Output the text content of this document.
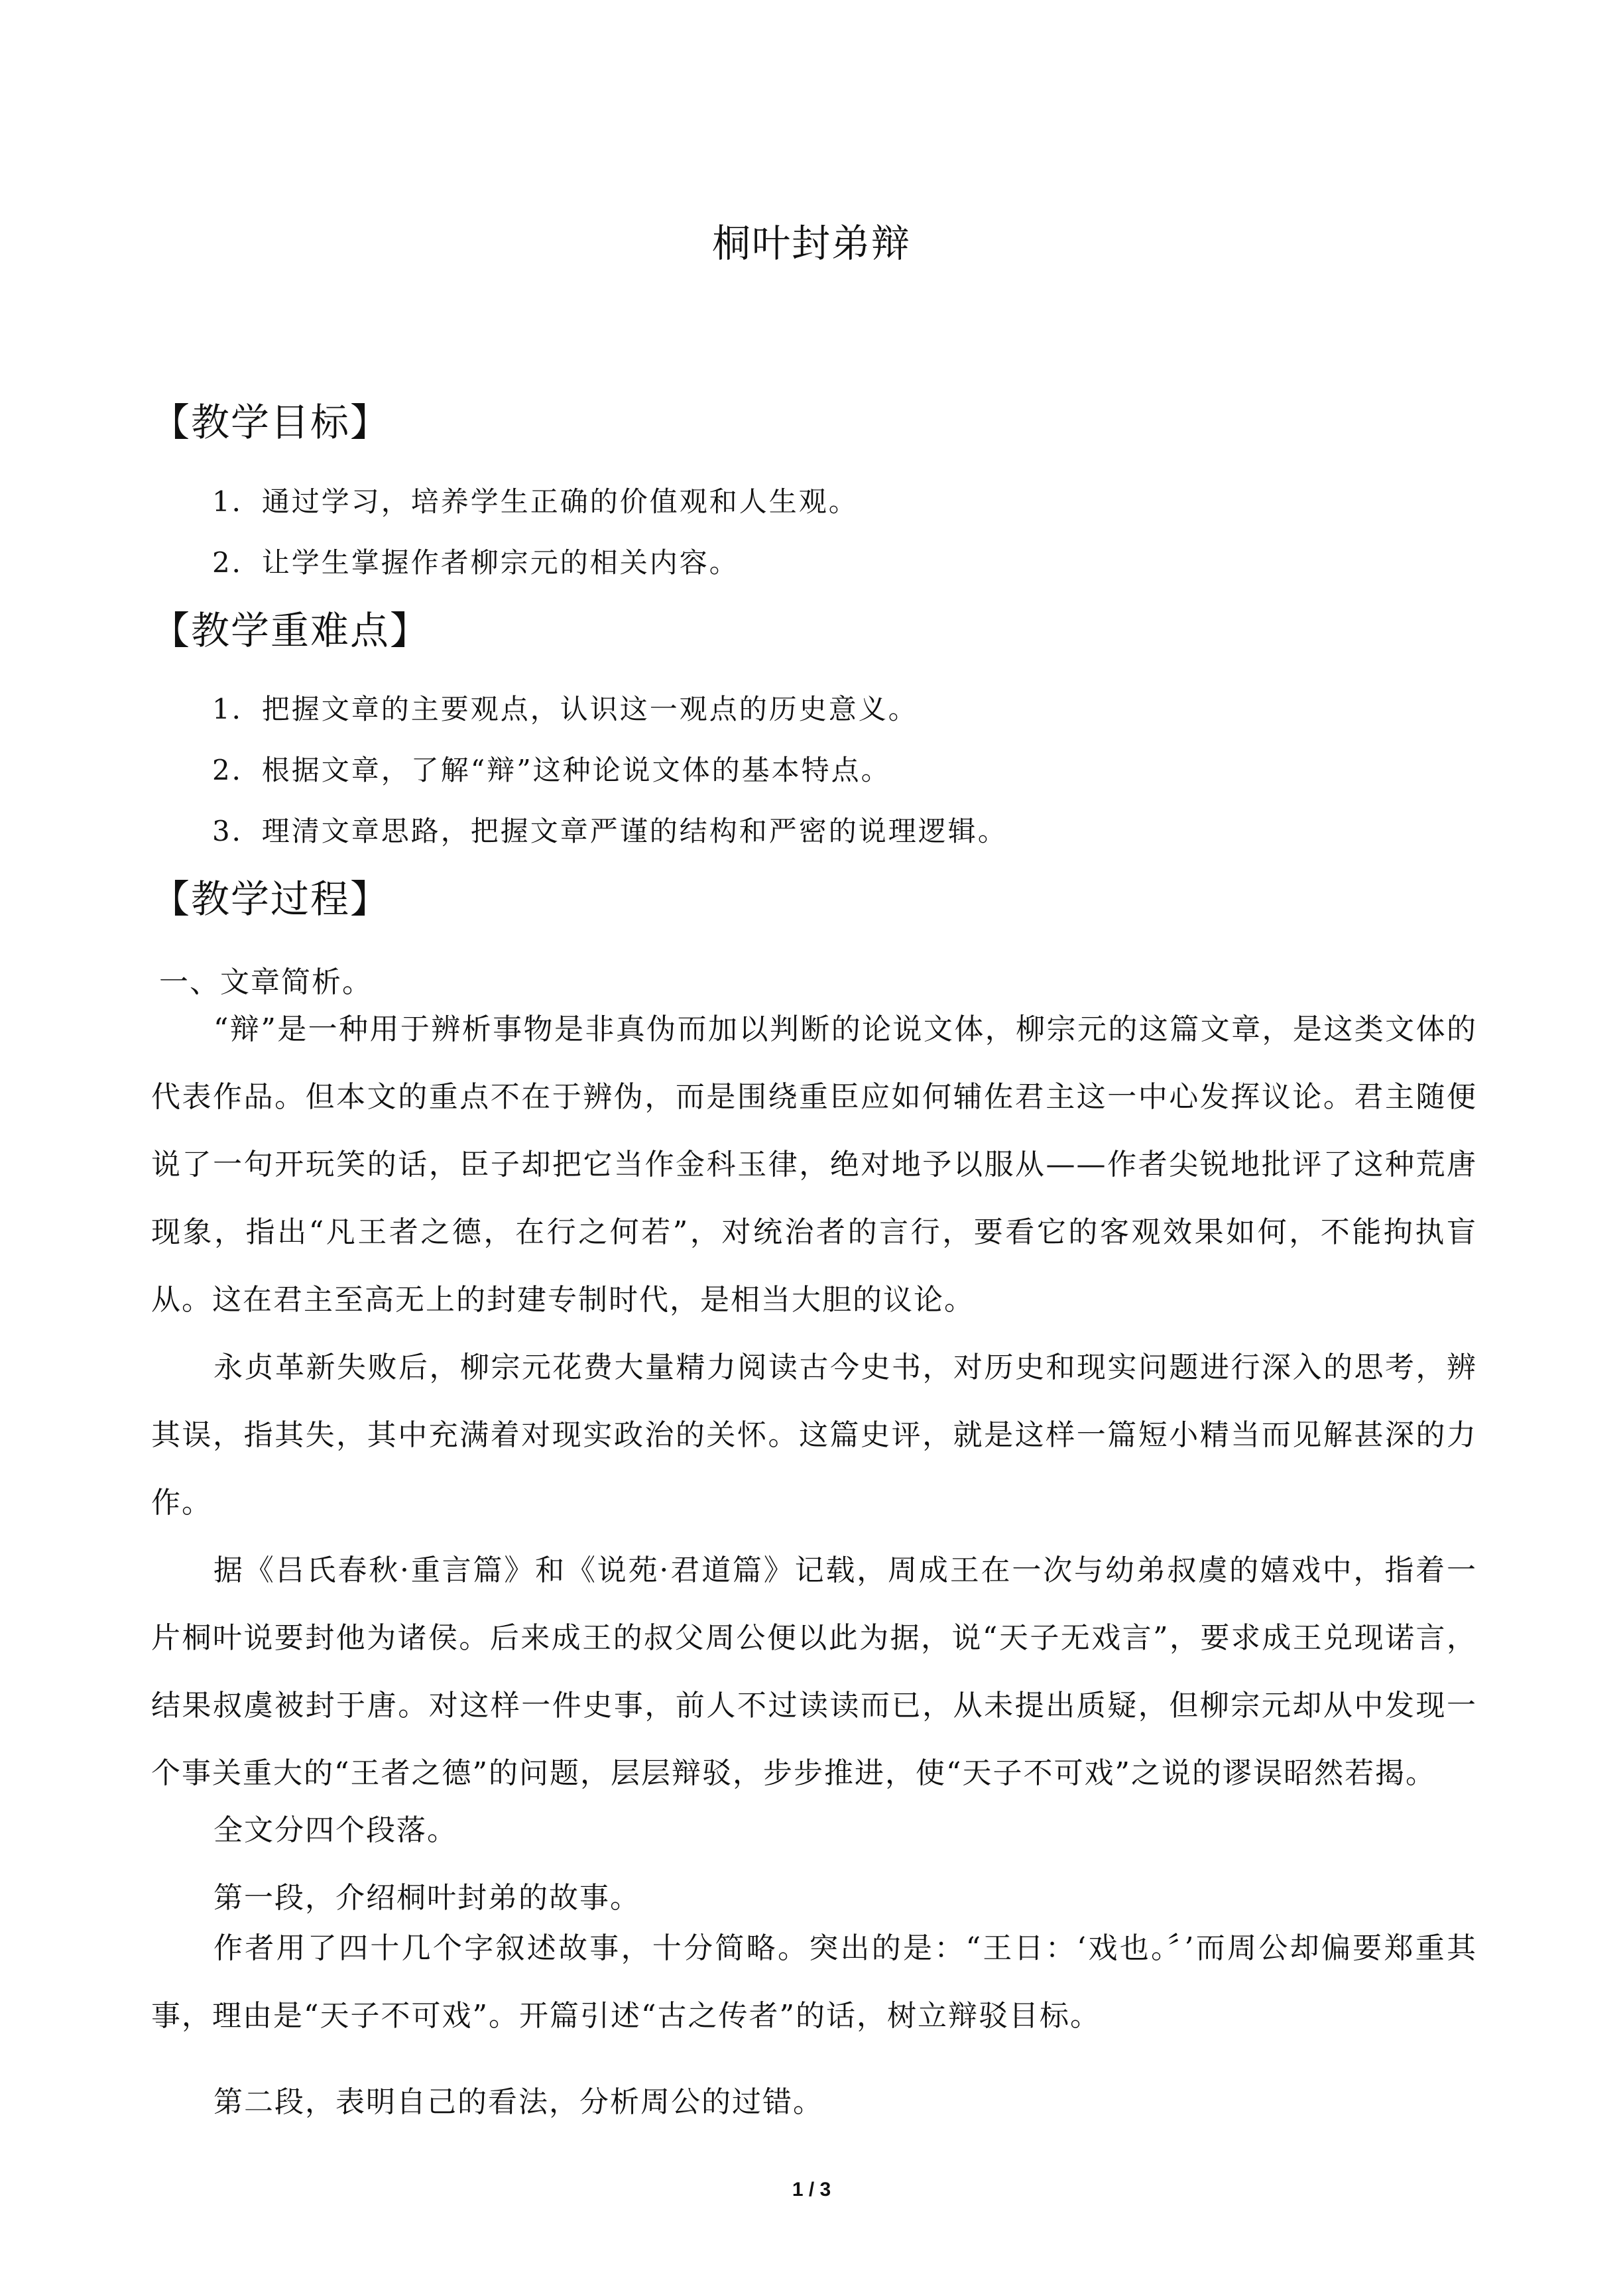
桐叶封弟辩
【教学目标】
1．通过学习，培养学生正确的价值观和人生观。
2．让学生掌握作者柳宗元的相关内容。
【教学重难点】
1．把握文章的主要观点，认识这一观点的历史意义。
2．根据文章，了解“辩”这种论说文体的基本特点。
3．理清文章思路，把握文章严谨的结构和严密的说理逻辑。
【教学过程】
一、文章简析。

“辩”是一种用于辨析事物是非真伪而加以判断的论说文体，柳宗元的这篇文章，是这类文体的代表作品。但本文的重点不在于辨伪，而是围绕重臣应如何辅佐君主这一中心发挥议论。君主随便说了一句开玩笑的话，臣子却把它当作金科玉律，绝对地予以服从——作者尖锐地批评了这种荒唐现象，指出“凡王者之德，在行之何若”，对统治者的言行，要看它的客观效果如何，不能拘执盲从。这在君主至高无上的封建专制时代，是相当大胆的议论。

永贞革新失败后，柳宗元花费大量精力阅读古今史书，对历史和现实问题进行深入的思考，辨其误，指其失，其中充满着对现实政治的关怀。这篇史评，就是这样一篇短小精当而见解甚深的力作。

据《吕氏春秋·重言篇》和《说苑·君道篇》记载，周成王在一次与幼弟叔虞的嬉戏中，指着一片桐叶说要封他为诸侯。后来成王的叔父周公便以此为据，说“天子无戏言”，要求成王兑现诺言，结果叔虞被封于唐。对这样一件史事，前人不过读读而已，从未提出质疑，但柳宗元却从中发现一个事关重大的“王者之德”的问题，层层辩驳，步步推进，使“天子不可戏”之说的谬误昭然若揭。

全文分四个段落。
第一段，介绍桐叶封弟的故事。

作者用了四十几个字叙述故事，十分简略。突出的是：“王日：‘戏也。〞’而周公却偏要郑重其事，理由是“天子不可戏”。开篇引述“古之传者”的话，树立辩驳目标。

第二段，表明自己的看法，分析周公的过错。
1 / 3
